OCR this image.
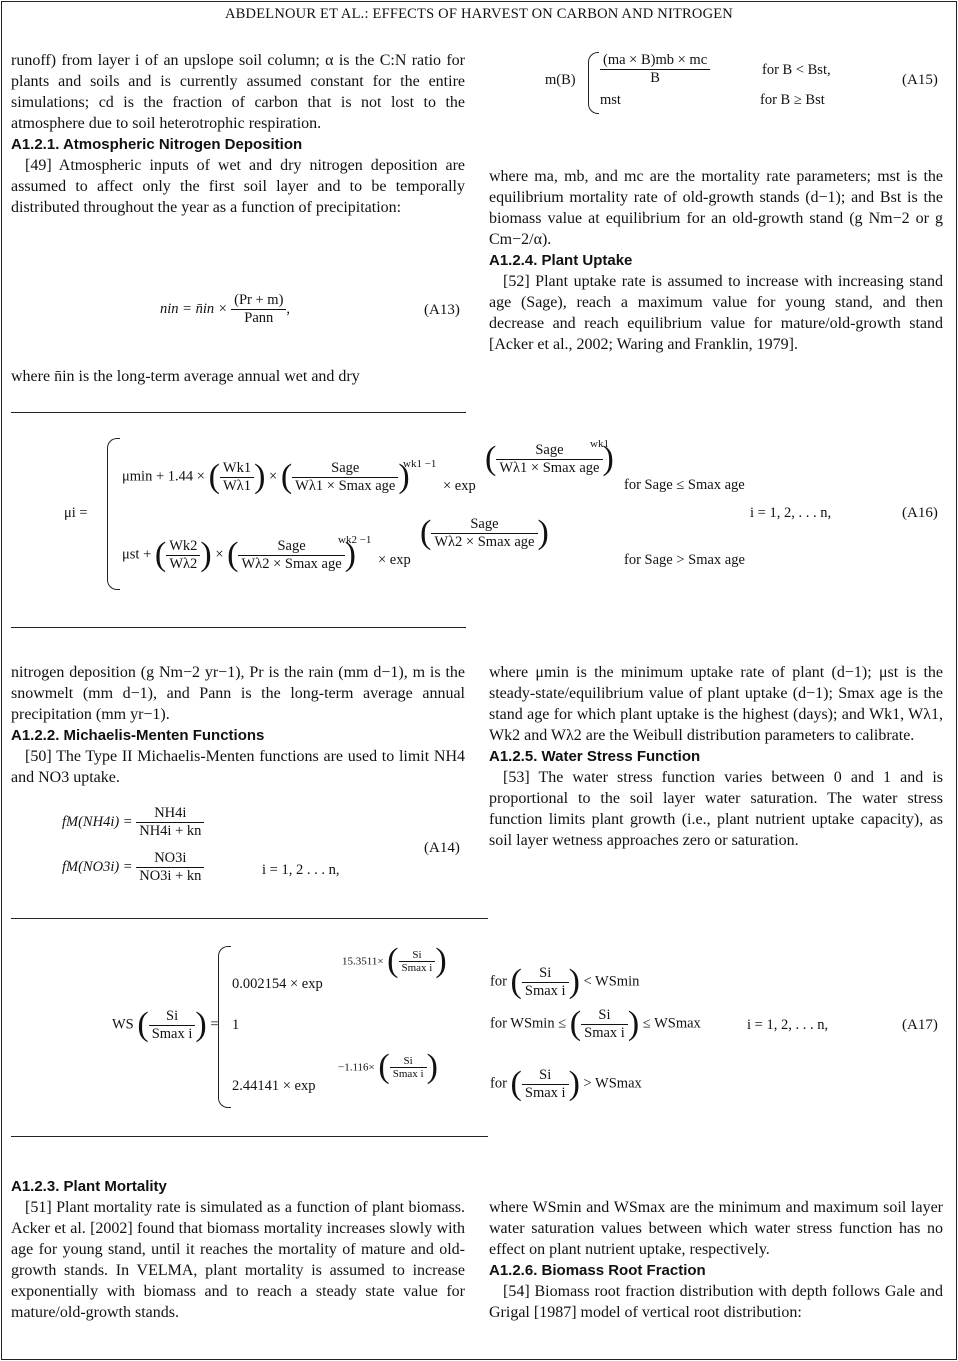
ABDELNOUR ET AL.: EFFECTS OF HARVEST ON CARBON AND NITROGEN

runoff) from layer i of an upslope soil column; α is the C:N ratio for plants and soils and is currently assumed constant for the entire simulations; cd is the fraction of carbon that is not lost to the atmosphere due to soil heterotrophic respiration.

A1.2.1. Atmospheric Nitrogen Deposition

[49] Atmospheric inputs of wet and dry nitrogen deposition are assumed to affect only the first soil layer and to be temporally distributed throughout the year as a function of precipitation:

nin = n̄in × $\frac{(Pr + m)}{\text{Pann}}$ ,	(A13)

where n̄in is the long-term average annual wet and dry

$m(B) \frac{(ma \times B)mb \times mc}{B}$	for B < Bst,
mst	for B ≥ Bst
(A15)

where ma, mb, and mc are the mortality rate parameters; mst is the equilibrium mortality rate of old-growth stands (d−1); and Bst is the biomass value at equilibrium for an old-growth stand (g Nm−2 or g Cm−2/α).

A1.2.4. Plant Uptake

[52] Plant uptake rate is assumed to increase with increasing stand age (Sage), reach a maximum value for young stand, and then decrease and reach equilibrium value for mature/old-growth stand [Acker et al., 2002; Waring and Franklin, 1979].

μi =
μmin + 1.44 × ( $\frac{Wk1}{W\lambda 1}$ ) × ( $\frac{\text{Sage}}{\text{Wλ1 × Smax age}}$ )
wk1 −1
× exp
( $\frac{\text{Sage}}{\text{Wλ1 × Smax age}}$ )
wk1
for Sage ≤ Smax age
μst + ( $\frac{Wk2}{W\lambda 2}$ ) × ( $\frac{\text{Sage}}{\text{Wλ2 × Smax age}}$ )
wk2 −1
× exp
( $\frac{\text{Sage}}{\text{Wλ2 × Smax age}}$ )
for Sage > Smax age
i = 1, 2, . . . n,	(A16)

nitrogen deposition (g Nm−2 yr−1), Pr is the rain (mm d−1), m is the snowmelt (mm d−1), and Pann is the long-term average annual precipitation (mm yr−1).

A1.2.2. Michaelis-Menten Functions

[50] The Type II Michaelis-Menten functions are used to limit NH4 and NO3 uptake.

$fM(NH4i) = \frac{NH4i}{NH4i + kn}$
$fM(NO3i) = \frac{NO3i}{NO3i + kn}$	i = 1, 2 . . . n,
(A14)

where μmin is the minimum uptake rate of plant (d−1); μst is the steady-state/equilibrium value of plant uptake (d−1); Smax age is the stand age for which plant uptake is the highest (days); and Wk1, Wλ1, Wk2 and Wλ2 are the Weibull distribution parameters to calibrate.

A1.2.5. Water Stress Function

[53] The water stress function varies between 0 and 1 and is proportional to the soil layer water saturation. The water stress function limits plant growth (i.e., plant nutrient uptake capacity), as soil layer wetness approaches zero or saturation.

WS ( $\frac{Si}{\text{Smax i}}$ ) =
0.002154 × exp
15.3511× ( $\frac{Si}{\text{Smax i}}$ )
1
2.44141 × exp
−1.116× ( $\frac{Si}{\text{Smax i}}$ )
for ( $\frac{Si}{\text{Smax i}}$ ) < WSmin
for WSmin ≤ ( $\frac{Si}{\text{Smax i}}$ ) ≤ WSmax
for ( $\frac{Si}{\text{Smax i}}$ ) > WSmax
i = 1, 2, . . . n,	(A17)
A1.2.3. Plant Mortality

[51] Plant mortality rate is simulated as a function of plant biomass. Acker et al. [2002] found that biomass mortality increases slowly with age for young stand, until it reaches the mortality of mature and old-growth stands. In VELMA, plant mortality is assumed to increase exponentially with biomass and to reach a steady state value for mature/old-growth stands.

where WSmin and WSmax are the minimum and maximum soil layer water saturation values between which water stress function has no effect on plant nutrient uptake, respectively.

A1.2.6. Biomass Root Fraction

[54] Biomass root fraction distribution with depth follows Gale and Grigal [1987] model of vertical root distribution:
